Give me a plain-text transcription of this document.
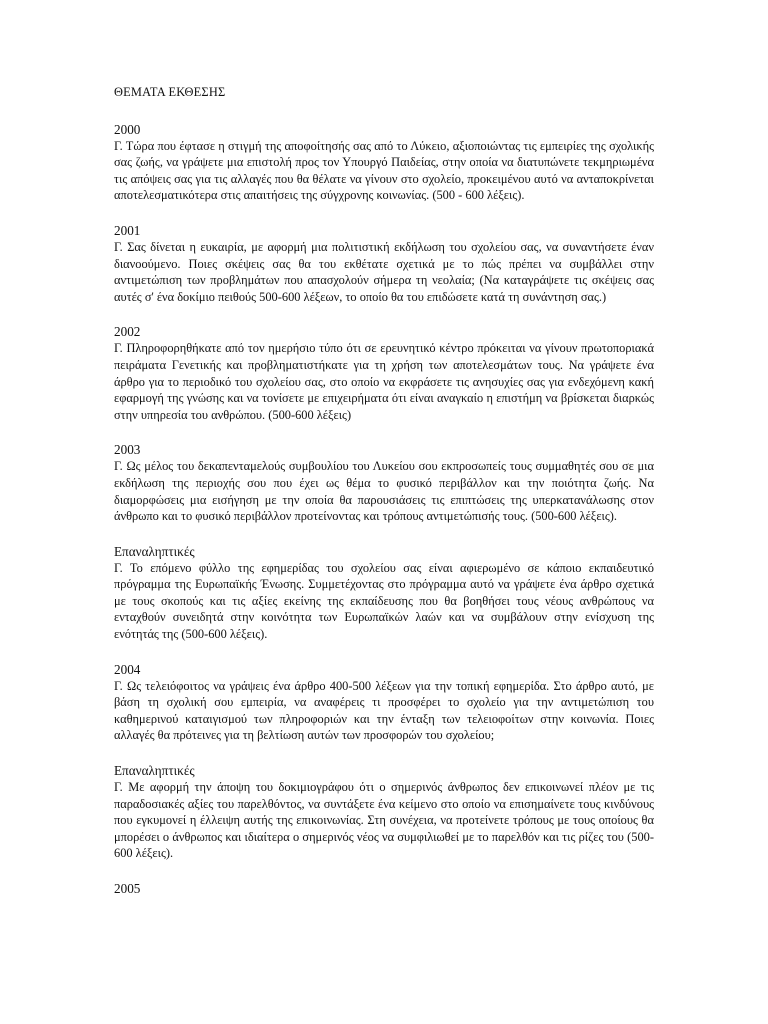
ΘΕΜΑΤΑ ΕΚΘΕΣΗΣ
2000

Γ. Τώρα που έφτασε η στιγμή της αποφοίτησής σας από το Λύκειο, αξιοποιώντας τις εμπειρίες της σχολικής σας ζωής, να γράψετε μια επιστολή προς τον Υπουργό Παιδείας, στην οποία να διατυπώνετε τεκμηριωμένα τις απόψεις σας για τις αλλαγές που θα θέλατε να γίνουν στο σχολείο, προκειμένου αυτό να ανταποκρίνεται αποτελεσματικότερα στις απαιτήσεις της σύγχρονης κοινωνίας. (500 - 600 λέξεις).

2001

Γ. Σας δίνεται η ευκαιρία, με αφορμή μια πολιτιστική εκδήλωση του σχολείου σας, να συναντήσετε έναν διανοούμενο. Ποιες σκέψεις σας θα του εκθέτατε σχετικά με το πώς πρέπει να συμβάλλει στην αντιμετώπιση των προβλημάτων που απασχολούν σήμερα τη νεολαία; (Να καταγράψετε τις σκέψεις σας αυτές σ' ένα δοκίμιο πειθούς 500-600 λέξεων, το οποίο θα του επιδώσετε κατά τη συνάντηση σας.)

2002

Γ. Πληροφορηθήκατε από τον ημερήσιο τύπο ότι σε ερευνητικό κέντρο πρόκειται να γίνουν πρωτοποριακά πειράματα Γενετικής και προβληματιστήκατε για τη χρήση των αποτελεσμάτων τους. Να γράψετε ένα άρθρο για το περιοδικό του σχολείου σας, στο οποίο να εκφράσετε τις ανησυχίες σας για ενδεχόμενη κακή εφαρμογή της γνώσης και να τονίσετε με επιχειρήματα ότι είναι αναγκαίο η επιστήμη να βρίσκεται διαρκώς στην υπηρεσία του ανθρώπου. (500-600 λέξεις)

2003

Γ. Ως μέλος του δεκαπενταμελούς συμβουλίου του Λυκείου σου εκπροσωπείς τους συμμαθητές σου σε μια εκδήλωση της περιοχής σου που έχει ως θέμα το φυσικό περιβάλλον και την ποιότητα ζωής. Να διαμορφώσεις μια εισήγηση με την οποία θα παρουσιάσεις τις επιπτώσεις της υπερκατανάλωσης στον άνθρωπο και το φυσικό περιβάλλον προτείνοντας και τρόπους αντιμετώπισής τους. (500-600 λέξεις).

Επαναληπτικές

Γ. Το επόμενο φύλλο της εφημερίδας του σχολείου σας είναι αφιερωμένο σε κάποιο εκπαιδευτικό πρόγραμμα της Ευρωπαϊκής Ένωσης. Συμμετέχοντας στο πρόγραμμα αυτό να γράψετε ένα άρθρο σχετικά με τους σκοπούς και τις αξίες εκείνης της εκπαίδευσης που θα βοηθήσει τους νέους ανθρώπους να ενταχθούν συνειδητά στην κοινότητα των Ευρωπαϊκών λαών και να συμβάλουν στην ενίσχυση της ενότητάς της (500-600 λέξεις).

2004

Γ. Ως τελειόφοιτος να γράψεις ένα άρθρο 400-500 λέξεων για την τοπική εφημερίδα. Στο άρθρο αυτό, με βάση τη σχολική σου εμπειρία, να αναφέρεις τι προσφέρει το σχολείο για την αντιμετώπιση του καθημερινού καταιγισμού των πληροφοριών και την ένταξη των τελειοφοίτων στην κοινωνία. Ποιες αλλαγές θα πρότεινες για τη βελτίωση αυτών των προσφορών του σχολείου;

Επαναληπτικές

Γ. Με αφορμή την άποψη του δοκιμιογράφου ότι ο σημερινός άνθρωπος δεν επικοινωνεί πλέον με τις παραδοσιακές αξίες του παρελθόντος, να συντάξετε ένα κείμενο στο οποίο να επισημαίνετε τους κινδύνους που εγκυμονεί η έλλειψη αυτής της επικοινωνίας. Στη συνέχεια, να προτείνετε τρόπους με τους οποίους θα μπορέσει ο άνθρωπος και ιδιαίτερα ο σημερινός νέος να συμφιλιωθεί με το παρελθόν και τις ρίζες του (500-600 λέξεις).

2005
